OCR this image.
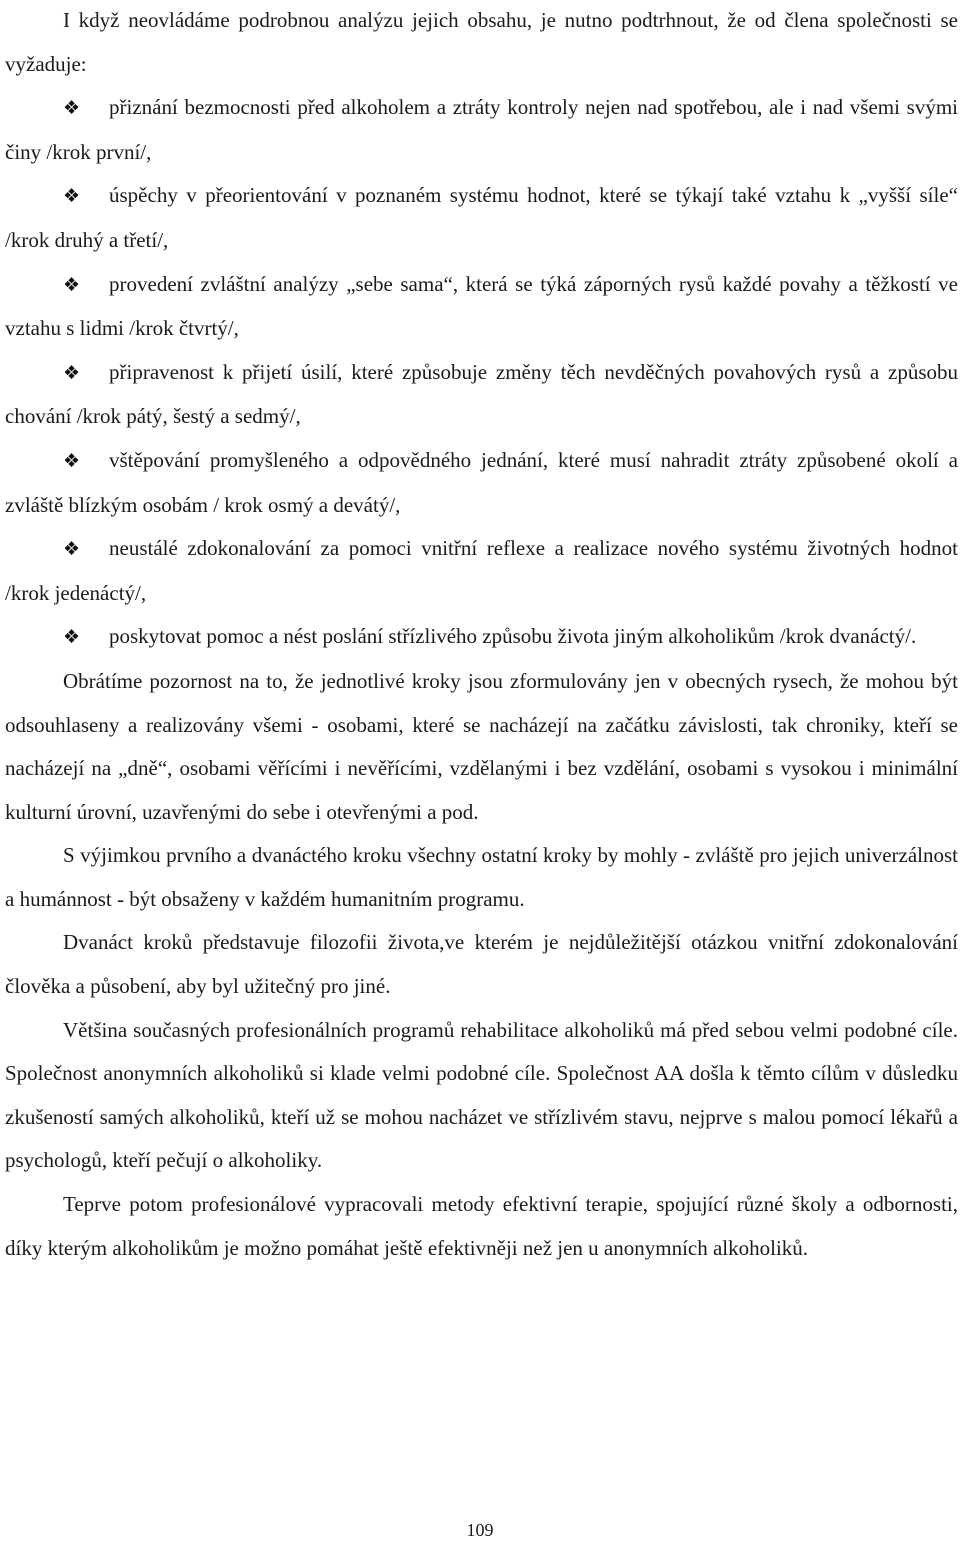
I když neovládáme podrobnou analýzu jejich obsahu, je nutno podtrhnout, že od člena společnosti se vyžaduje:

❖ přiznání bezmocnosti před alkoholem a ztráty kontroly nejen nad spotřebou, ale i nad všemi svými činy /krok první/,
❖ úspěchy v přeorientování v poznaném systému hodnot, které se týkají také vztahu k „vyšší síle“ /krok druhý a třetí/,
❖ provedení zvláštní analýzy „sebe sama“, která se týká záporných rysů každé povahy a těžkostí ve vztahu s lidmi /krok čtvrtý/,
❖ připravenost k přijetí úsilí, které způsobuje změny těch nevděčných povahových rysů a způsobu chování /krok pátý, šestý a sedmý/,
❖ vštěpování promyšleného a odpovědného jednání, které musí nahradit ztráty způsobené okolí a zvláště blízkým osobám / krok osmý a devátý/,
❖ neustálé zdokonalování za pomoci vnitřní reflexe a realizace nového systému životných hodnot /krok jedenáctý/,
❖ poskytovat pomoc a nést poslání střízlivého způsobu života jiným alkoholikům /krok dvanáctý/.

Obrátíme pozornost na to, že jednotlivé kroky jsou zformulovány jen v obecných rysech, že mohou být odsouhlaseny a realizovány všemi - osobami, které se nacházejí na začátku závislosti, tak chroniky, kteří se nacházejí na „dně“, osobami věřícími i nevěřícími, vzdělanými i bez vzdělání, osobami s vysokou i minimální kulturní úrovní, uzavřenými do sebe i otevřenými a pod.

S výjimkou prvního a dvanáctého kroku všechny ostatní kroky by mohly - zvláště pro jejich univerzálnost a humánnost - být obsaženy v každém humanitním programu.

Dvanáct kroků představuje filozofii života,ve kterém je nejdůležitější otázkou vnitřní zdokonalování člověka a působení, aby byl užitečný pro jiné.

Většina současných profesionálních programů rehabilitace alkoholiků má před sebou velmi podobné cíle. Společnost anonymních alkoholiků si klade velmi podobné cíle. Společnost AA došla k těmto cílům v důsledku zkušeností samých alkoholiků, kteří už se mohou nacházet ve střízlivém stavu, nejprve s malou pomocí lékařů a psychologů, kteří pečují o alkoholiky.

Teprve potom profesionálové vypracovali metody efektivní terapie, spojující různé školy a odbornosti, díky kterým alkoholikům je možno pomáhat ještě efektivněji než jen u anonymních alkoholiků.

109
